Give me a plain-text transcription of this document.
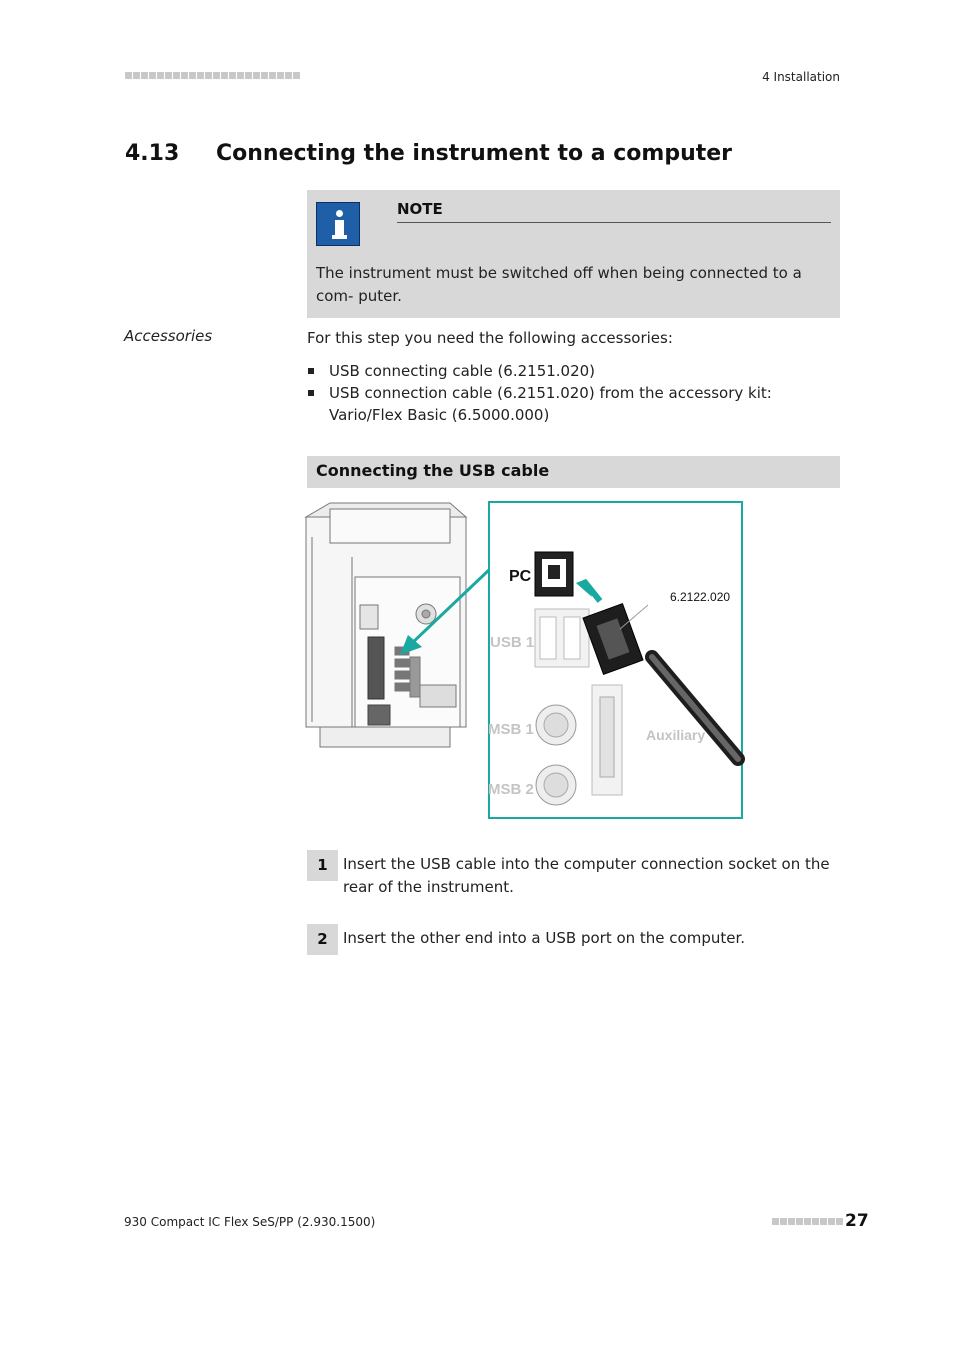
4 Installation
4.13 Connecting the instrument to a computer
NOTE
The instrument must be switched off when being connected to a com- puter.
Accessories	For this step you need the following accessories:
USB connecting cable (6.2151.020)
USB connection cable (6.2151.020) from the accessory kit: Vario/Flex Basic (6.5000.000)
Connecting the USB cable
PC
USB 1
MSB 1
MSB 2
Auxiliary
6.2122.020
1	Insert the USB cable into the computer connection socket on the rear of the instrument.
2	Insert the other end into a USB port on the computer.
930 Compact IC Flex SeS/PP (2.930.1500)	27
